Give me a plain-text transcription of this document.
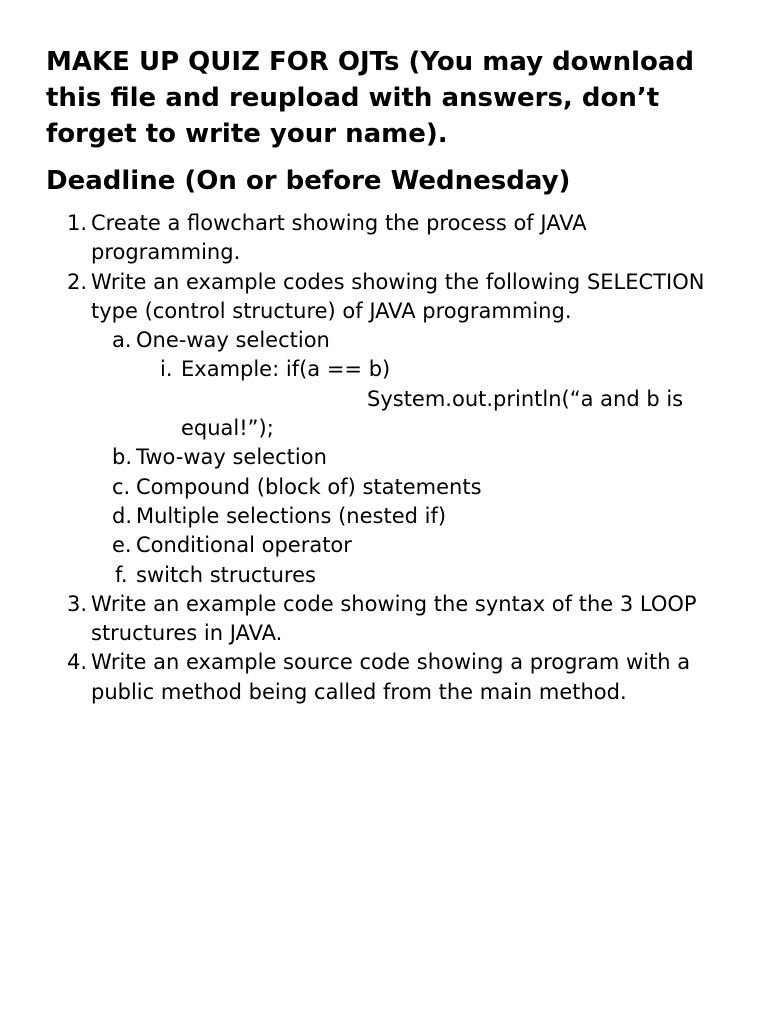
MAKE UP QUIZ FOR OJTs (You may download this file and reupload with answers, don’t forget to write your name).
Deadline (On or before Wednesday)
1. Create a flowchart showing the process of JAVA programming.
2. Write an example codes showing the following SELECTION type (control structure) of JAVA programming.
a. One-way selection
i. Example: if(a == b)
System.out.println(“a and b is
equal!”);
b. Two-way selection
c. Compound (block of) statements
d. Multiple selections (nested if)
e. Conditional operator
f. switch structures
3. Write an example code showing the syntax of the 3 LOOP structures in JAVA.
4. Write an example source code showing a program with a public method being called from the main method.
